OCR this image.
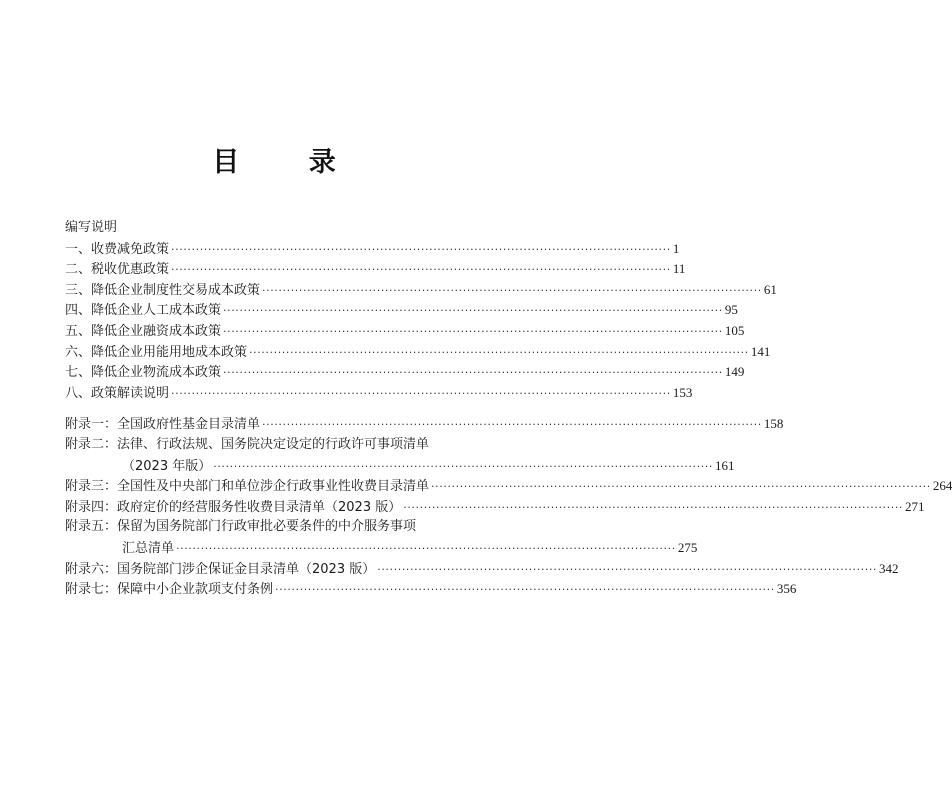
目 录
编写说明
一、收费减免政策 ·························································································································· 1
二、税收优惠政策 ·························································································································· 11
三、降低企业制度性交易成本政策 ·························································································································· 61
四、降低企业人工成本政策 ·························································································································· 95
五、降低企业融资成本政策 ·························································································································· 105
六、降低企业用能用地成本政策 ·························································································································· 141
七、降低企业物流成本政策 ·························································································································· 149
八、政策解读说明 ·························································································································· 153
附录一： 全国政府性基金目录清单 ·························································································································· 158
附录二： 法律、行政法规、国务院决定设定的行政许可事项清单
（2023 年版） ·························································································································· 161
附录三： 全国性及中央部门和单位涉企行政事业性收费目录清单 ·························································································································· 264
附录四： 政府定价的经营服务性收费目录清单（2023 版） ·························································································································· 271
附录五： 保留为国务院部门行政审批必要条件的中介服务事项
汇总清单 ·························································································································· 275
附录六： 国务院部门涉企保证金目录清单（2023 版） ·························································································································· 342
附录七： 保障中小企业款项支付条例 ·························································································································· 356
